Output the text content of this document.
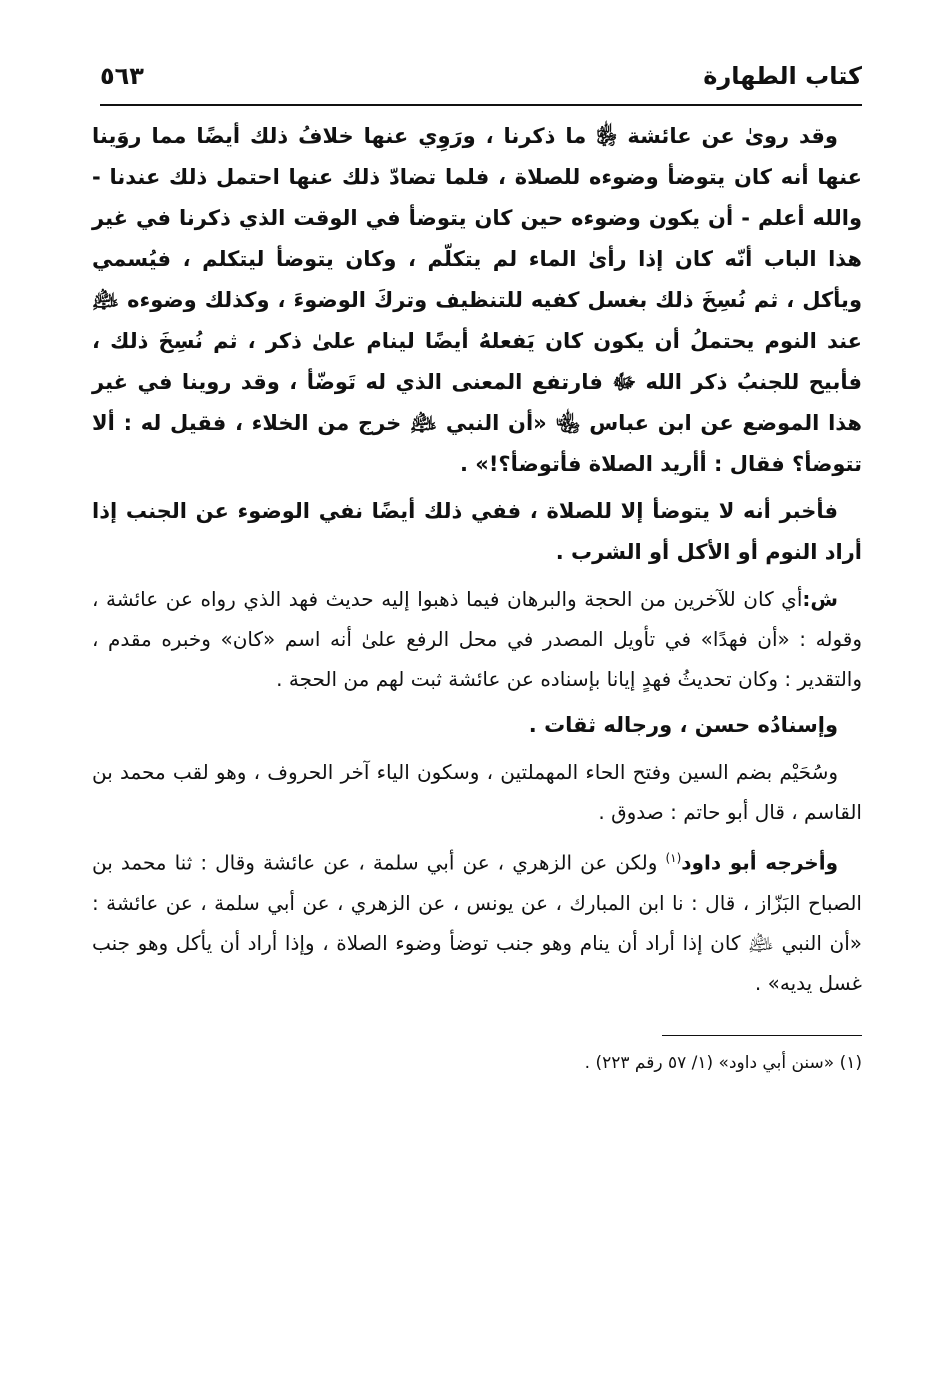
كتاب الطهارة
٥٦٣

وقد روىٰ عن عائشة ﵂ ما ذكرنا ، ورَوِي عنها خلافُ ذلك أيضًا مما روَينا عنها أنه كان يتوضأ وضوءه للصلاة ، فلما تضادّ ذلك عنها احتمل ذلك عندنا - والله أعلم - أن يكون وضوءه حين كان يتوضأ في الوقت الذي ذكرنا في غير هذا الباب أنّه كان إذا رأىٰ الماء لم يتكلّم ، وكان يتوضأ ليتكلم ، فيُسمي ويأكل ، ثم نُسِخَ ذلك بغسل كفيه للتنظيف وتركَ الوضوءَ ، وكذلك وضوءه ﵇ عند النوم يحتملُ أن يكون كان يَفعلهُ أيضًا لينام علىٰ ذكر ، ثم نُسِخَ ذلك ، فأبيح للجنبُ ذكر الله ﷻ فارتفع المعنى الذي له تَوضّأ ، وقد روينا في غير هذا الموضع عن ابن عباس ﵄ «أن النبي ﵇ خرج من الخلاء ، فقيل له : ألا تتوضأ؟ فقال : أأريد الصلاة فأتوضأ؟!» .

فأخبر أنه لا يتوضأ إلا للصلاة ، ففي ذلك أيضًا نفي الوضوء عن الجنب إذا أراد النوم أو الأكل أو الشرب .

ش:أي كان للآخرين من الحجة والبرهان فيما ذهبوا إليه حديث فهد الذي رواه عن عائشة ، وقوله : «أن فهدًا» في تأويل المصدر في محل الرفع علىٰ أنه اسم «كان» وخبره مقدم ، والتقدير : وكان تحديثُ فهدٍ إيانا بإسناده عن عائشة ثبت لهم من الحجة .

وإسنادُه حسن ، ورجاله ثقات .

وسُحَيْم بضم السين وفتح الحاء المهملتين ، وسكون الياء آخر الحروف ، وهو لقب محمد بن القاسم ، قال أبو حاتم : صدوق .

وأخرجه أبو داود$^{(١)}$ ولكن عن الزهري ، عن أبي سلمة ، عن عائشة وقال : ثنا محمد بن الصباح البَزّاز ، قال : نا ابن المبارك ، عن يونس ، عن الزهري ، عن أبي سلمة ، عن عائشة : «أن النبي ﵇ كان إذا أراد أن ينام وهو جنب توضأ وضوء الصلاة ، وإذا أراد أن يأكل وهو جنب غسل يديه» .

(١) «سنن أبي داود» (١/ ٥٧ رقم ٢٢٣) .
